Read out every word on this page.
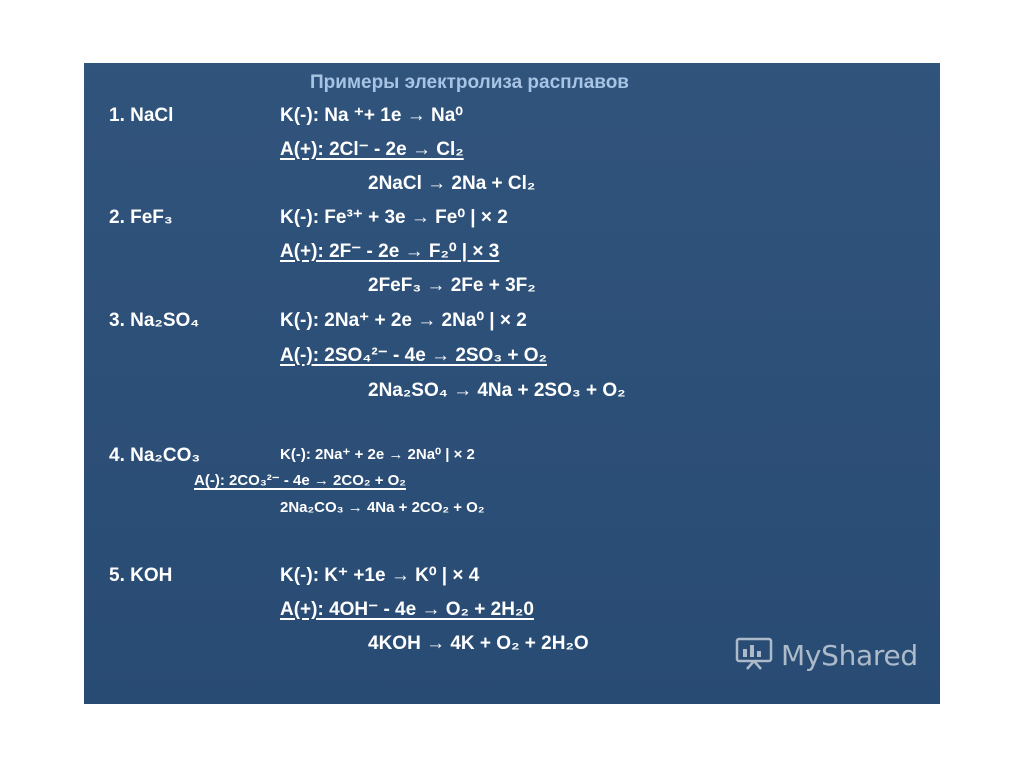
Примеры электролиза расплавов
1. NaCl	K(-): Na ⁺+ 1e → Na⁰
A(+): 2Cl⁻ - 2e → Cl₂
2NaCl → 2Na + Cl₂
2. FeF₃	K(-): Fe³⁺ + 3e → Fe⁰ | × 2
A(+): 2F⁻ - 2e → F₂⁰ | × 3
2FeF₃ → 2Fe + 3F₂
3. Na₂SO₄	K(-): 2Na⁺ + 2e → 2Na⁰ | × 2
A(-): 2SO₄²⁻ - 4e → 2SO₃ + O₂
2Na₂SO₄ → 4Na + 2SO₃ + O₂
4. Na₂CO₃	K(-): 2Na⁺ + 2e → 2Na⁰ | × 2
A(-): 2CO₃²⁻ - 4e → 2CO₂ + O₂
2Na₂CO₃ → 4Na + 2CO₂ + O₂
5. KOH	K(-): K⁺ +1e → K⁰ | × 4
A(+): 4OH⁻ - 4e → O₂ + 2H₂0
4KOH → 4K + O₂ + 2H₂O	MyShared
